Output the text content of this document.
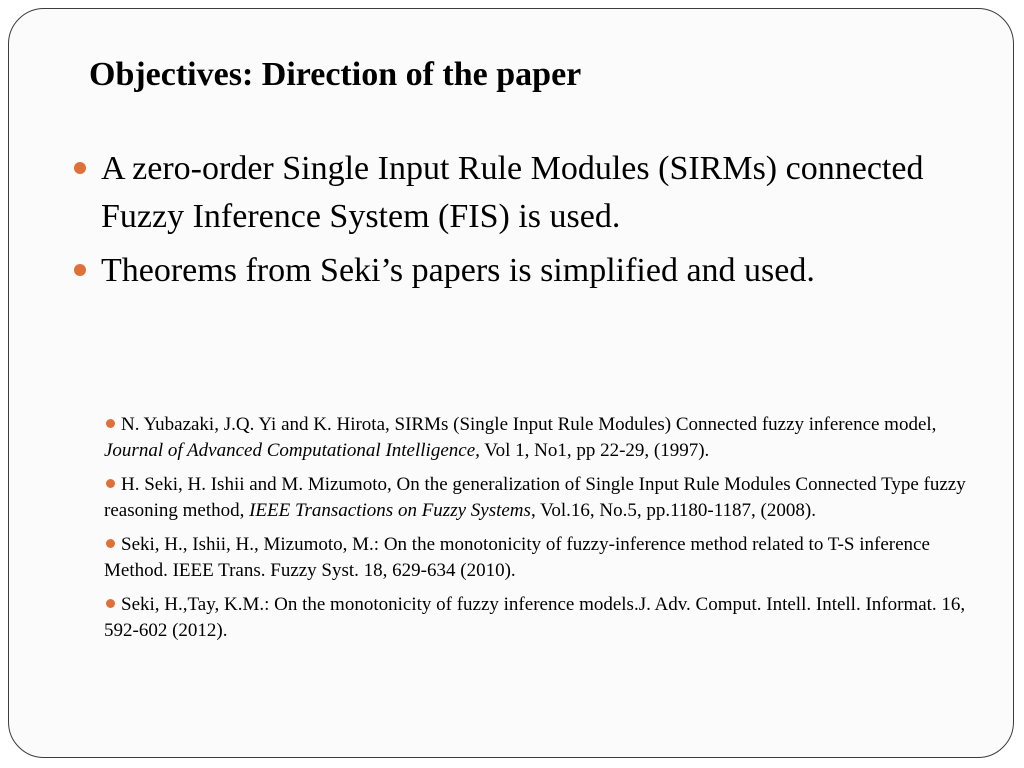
Objectives: Direction of the paper
A zero-order Single Input Rule Modules (SIRMs) connected Fuzzy Inference System (FIS) is used.
Theorems from Seki’s papers is simplified and used.
N. Yubazaki, J.Q. Yi and K. Hirota, SIRMs (Single Input Rule Modules) Connected fuzzy inference model, Journal of Advanced Computational Intelligence, Vol 1, No1, pp 22-29, (1997).
H. Seki, H. Ishii and M. Mizumoto, On the generalization of Single Input Rule Modules Connected Type fuzzy reasoning method, IEEE Transactions on Fuzzy Systems, Vol.16, No.5, pp.1180-1187, (2008).
Seki, H., Ishii, H., Mizumoto, M.: On the monotonicity of fuzzy-inference method related to T-S inference Method. IEEE Trans. Fuzzy Syst. 18, 629-634 (2010).
Seki, H.,Tay, K.M.: On the monotonicity of fuzzy inference models.J. Adv. Comput. Intell. Intell. Informat. 16, 592-602 (2012).
